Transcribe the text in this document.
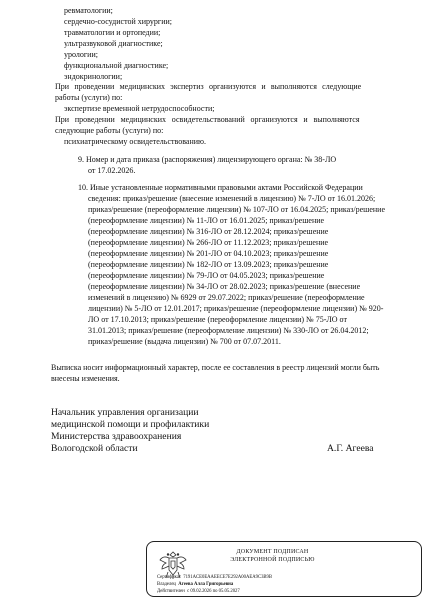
ревматологии;
сердечно-сосудистой хирургии;
травматологии и ортопедии;
ультразвуковой диагностике;
урологии;
функциональной диагностике;
эндокринологии;
При проведении медицинских экспертиз организуются и выполняются следующие
работы (услуги) по:
экспертизе временной нетрудоспособности;
При проведении медицинских освидетельствований организуются и выполняются
следующие работы (услуги) по:
психиатрическому освидетельствованию.
9. Номер и дата приказа (распоряжения) лицензирующего органа: № 38-ЛО
от 17.02.2026.
10. Иные установленные нормативными правовыми актами Российской Федерации
сведения: приказ/решение (внесение изменений в лицензию) № 7-ЛО от 16.01.2026;
приказ/решение (переоформление лицензии) № 107-ЛО от 16.04.2025; приказ/решение
(переоформление лицензии) № 11-ЛО от 16.01.2025; приказ/решение
(переоформление лицензии) № 316-ЛО от 28.12.2024; приказ/решение
(переоформление лицензии) № 266-ЛО от 11.12.2023; приказ/решение
(переоформление лицензии) № 201-ЛО от 04.10.2023; приказ/решение
(переоформление лицензии) № 182-ЛО от 13.09.2023; приказ/решение
(переоформление лицензии) № 79-ЛО от 04.05.2023; приказ/решение
(переоформление лицензии) № 34-ЛО от 28.02.2023; приказ/решение (внесение
изменений в лицензию) № 6929 от 29.07.2022; приказ/решение (переоформление
лицензии) № 5-ЛО от 12.01.2017; приказ/решение (переоформление лицензии) № 920-
ЛО от 17.10.2013; приказ/решение (переоформление лицензии) № 75-ЛО от
31.01.2013; приказ/решение (переоформление лицензии) № 330-ЛО от 26.04.2012;
приказ/решение (выдача лицензии) № 700 от 07.07.2011.
Выписка носит информационный характер, после ее составления в реестр лицензий могли быть
внесены изменения.
Начальник управления организации
медицинской помощи и профилактики
Министерства здравоохранения
Вологодской области	А.Г. Агеева
ДОКУМЕНТ ПОДПИСАН
ЭЛЕКТРОННОЙ ПОДПИСЬЮ
Сертификат 7191ACE0EAAEECE7E292A00AEA9C3B9B
Владелец Агеева Алла Григорьевна
Действителен с 09.02.2026 по 05.05.2027
